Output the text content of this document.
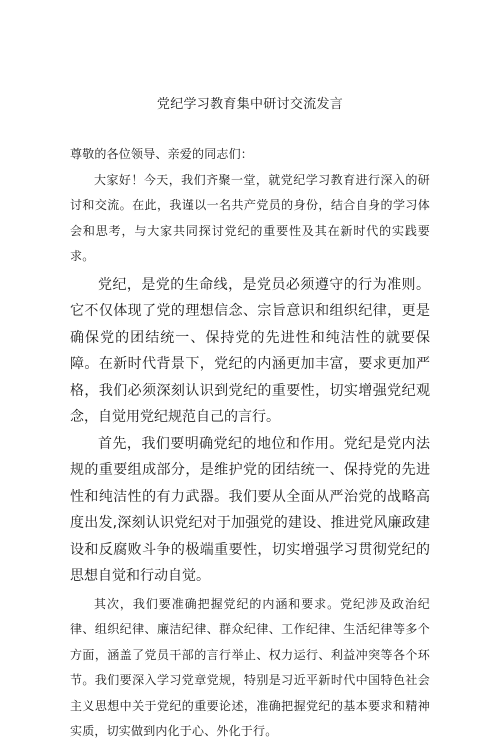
党纪学习教育集中研讨交流发言

尊敬的各位领导、亲爱的同志们：

大家好！今天，我们齐聚一堂，就党纪学习教育进行深入的研讨和交流。在此，我谨以一名共产党员的身份，结合自身的学习体会和思考，与大家共同探讨党纪的重要性及其在新时代的实践要求。

党纪，是党的生命线，是党员必须遵守的行为准则。它不仅体现了党的理想信念、宗旨意识和组织纪律，更是确保党的团结统一、保持党的先进性和纯洁性的就要保障。在新时代背景下，党纪的内涵更加丰富，要求更加严格，我们必须深刻认识到党纪的重要性，切实增强党纪观念，自觉用党纪规范自己的言行。

首先，我们要明确党纪的地位和作用。党纪是党内法规的重要组成部分，是维护党的团结统一、保持党的先进性和纯洁性的有力武器。我们要从全面从严治党的战略高度出发,深刻认识党纪对于加强党的建设、推进党风廉政建设和反腐败斗争的极端重要性，切实增强学习贯彻党纪的思想自觉和行动自觉。

其次，我们要准确把握党纪的内涵和要求。党纪涉及政治纪律、组织纪律、廉洁纪律、群众纪律、工作纪律、生活纪律等多个方面，涵盖了党员干部的言行举止、权力运行、利益冲突等各个环节。我们要深入学习党章党规，特别是习近平新时代中国特色社会主义思想中关于党纪的重要论述，准确把握党纪的基本要求和精神实质，切实做到内化于心、外化于行。
